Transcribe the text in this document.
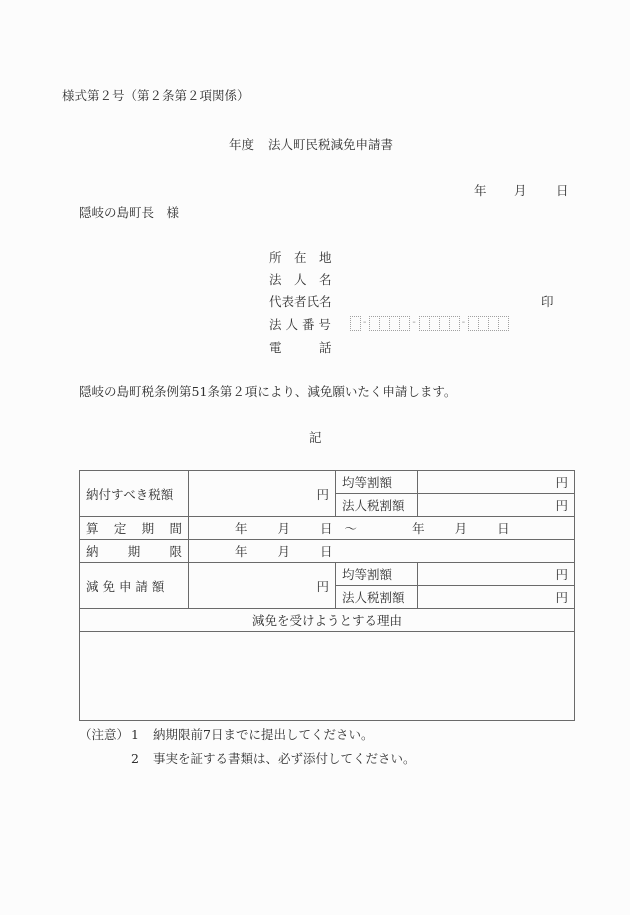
様式第２号（第２条第２項関係）
年度 法人町民税減免申請書
年 月 日
隠岐の島町長　様
所　在　地
法　人　名
代表者氏名	印
法 人 番 号	-	-	-
電　　　話
隠岐の島町税条例第51条第２項により、減免願いたく申請します。
記
納付すべき税額	円	均等割額	円
		法人税割額	円

算 定 期 間	年 月 日 ～	年 月 日

納 期 限	年 月 日		

減 免 申 請 額	円	均等割額	円
		法人税割額	円
減免を受けようとする理由			

（注意） 1 納期限前7日までに提出してください。
2 事実を証する書類は、必ず添付してください。
